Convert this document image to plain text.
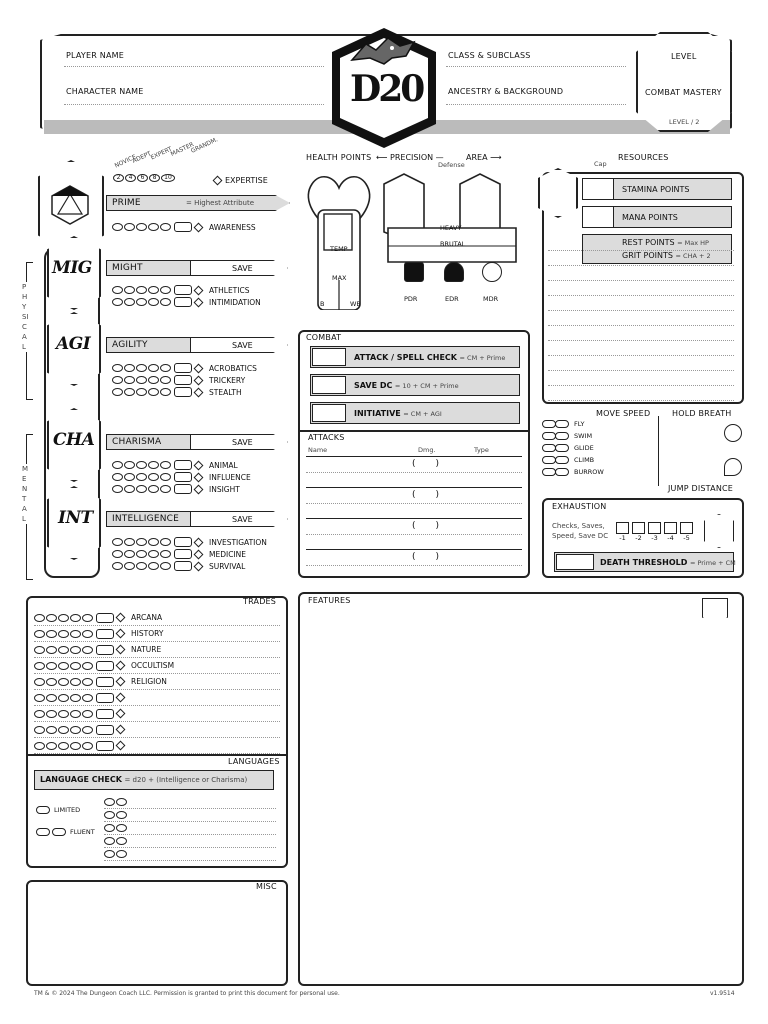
PLAYER NAME
CHARACTER NAME
CLASS & SUBCLASS
ANCESTRY & BACKGROUND
LEVEL
COMBAT MASTERY
LEVEL / 2
D20
NOVICE
ADEPT
EXPERT
MASTER
GRANDM.
2	4	6	8	10	EXPERTISE
PRIME	= Highest Attribute
AWARENESS
PHYSICAL
MENTAL
MIG MIGHT	SAVE
ATHLETICS
INTIMIDATION
AGI AGILITY	SAVE
ACROBATICS
TRICKERY
STEALTH
CHA CHARISMA	SAVE
ANIMAL
INFLUENCE
INSIGHT
INT INTELLIGENCE	SAVE
INVESTIGATION
MEDICINE
SURVIVAL
HEALTH POINTS ⟵ PRECISION —	AREA ⟶
Defense
TEMP
MAX
B	WB
HEAVY
BRUTAL
PDR	EDR	MDR
RESOURCES
Cap
STAMINA POINTS
MANA POINTS
REST POINTS = Max HP
GRIT POINTS = CHA + 2
COMBAT
ATTACK / SPELL CHECK = CM + Prime
SAVE DC = 10 + CM + Prime
INITIATIVE = CM + AGI
ATTACKS
Name	Dmg.	Type
(       )
(       )
(       )
(       )
MOVE SPEED	HOLD BREATH
FLY
SWIM
GLIDE
CLIMB
BURROW
JUMP DISTANCE
EXHAUSTION
Checks, Saves, Speed, Save DC	-1	-2	-3	-4	-5
DEATH THRESHOLD = Prime + CM
TRADES
ARCANA
HISTORY
NATURE
OCCULTISM
RELIGION
LANGUAGES
LANGUAGE CHECK = d20 + (Intelligence or Charisma)
LIMITED
FLUENT
MISC
FEATURES
TM & © 2024 The Dungeon Coach LLC. Permission is granted to print this document for personal use.	v1.9514
